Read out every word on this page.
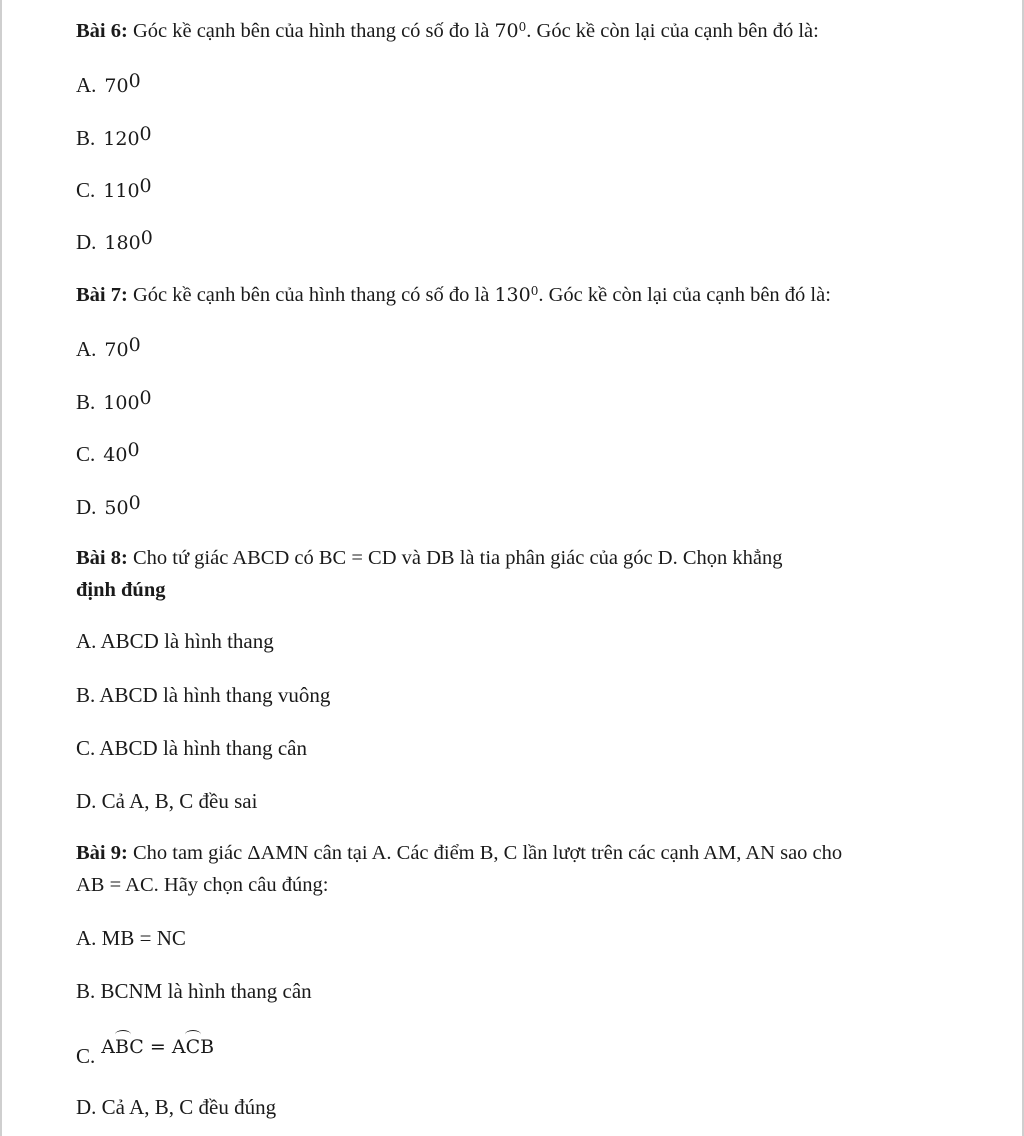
Bài 6: Góc kề cạnh bên của hình thang có số đo là $70^0$. Góc kề còn lại của cạnh bên đó là:
A. $70^0$
B. $120^0$
C. $110^0$
D. $180^0$
Bài 7: Góc kề cạnh bên của hình thang có số đo là $130^0$. Góc kề còn lại của cạnh bên đó là:
A. $70^0$
B. $100^0$
C. $40^0$
D. $50^0$
Bài 8: Cho tứ giác ABCD có BC = CD và DB là tia phân giác của góc D. Chọn khẳng
định đúng
A. ABCD là hình thang
B. ABCD là hình thang vuông
C. ABCD là hình thang cân
D. Cả A, B, C đều sai
Bài 9: Cho tam giác ΔAMN cân tại A. Các điểm B, C lần lượt trên các cạnh AM, AN sao cho
AB = AC. Hãy chọn câu đúng:
A. MB = NC
B. BCNM là hình thang cân
C. ABC = ACB
D. Cả A, B, C đều đúng
